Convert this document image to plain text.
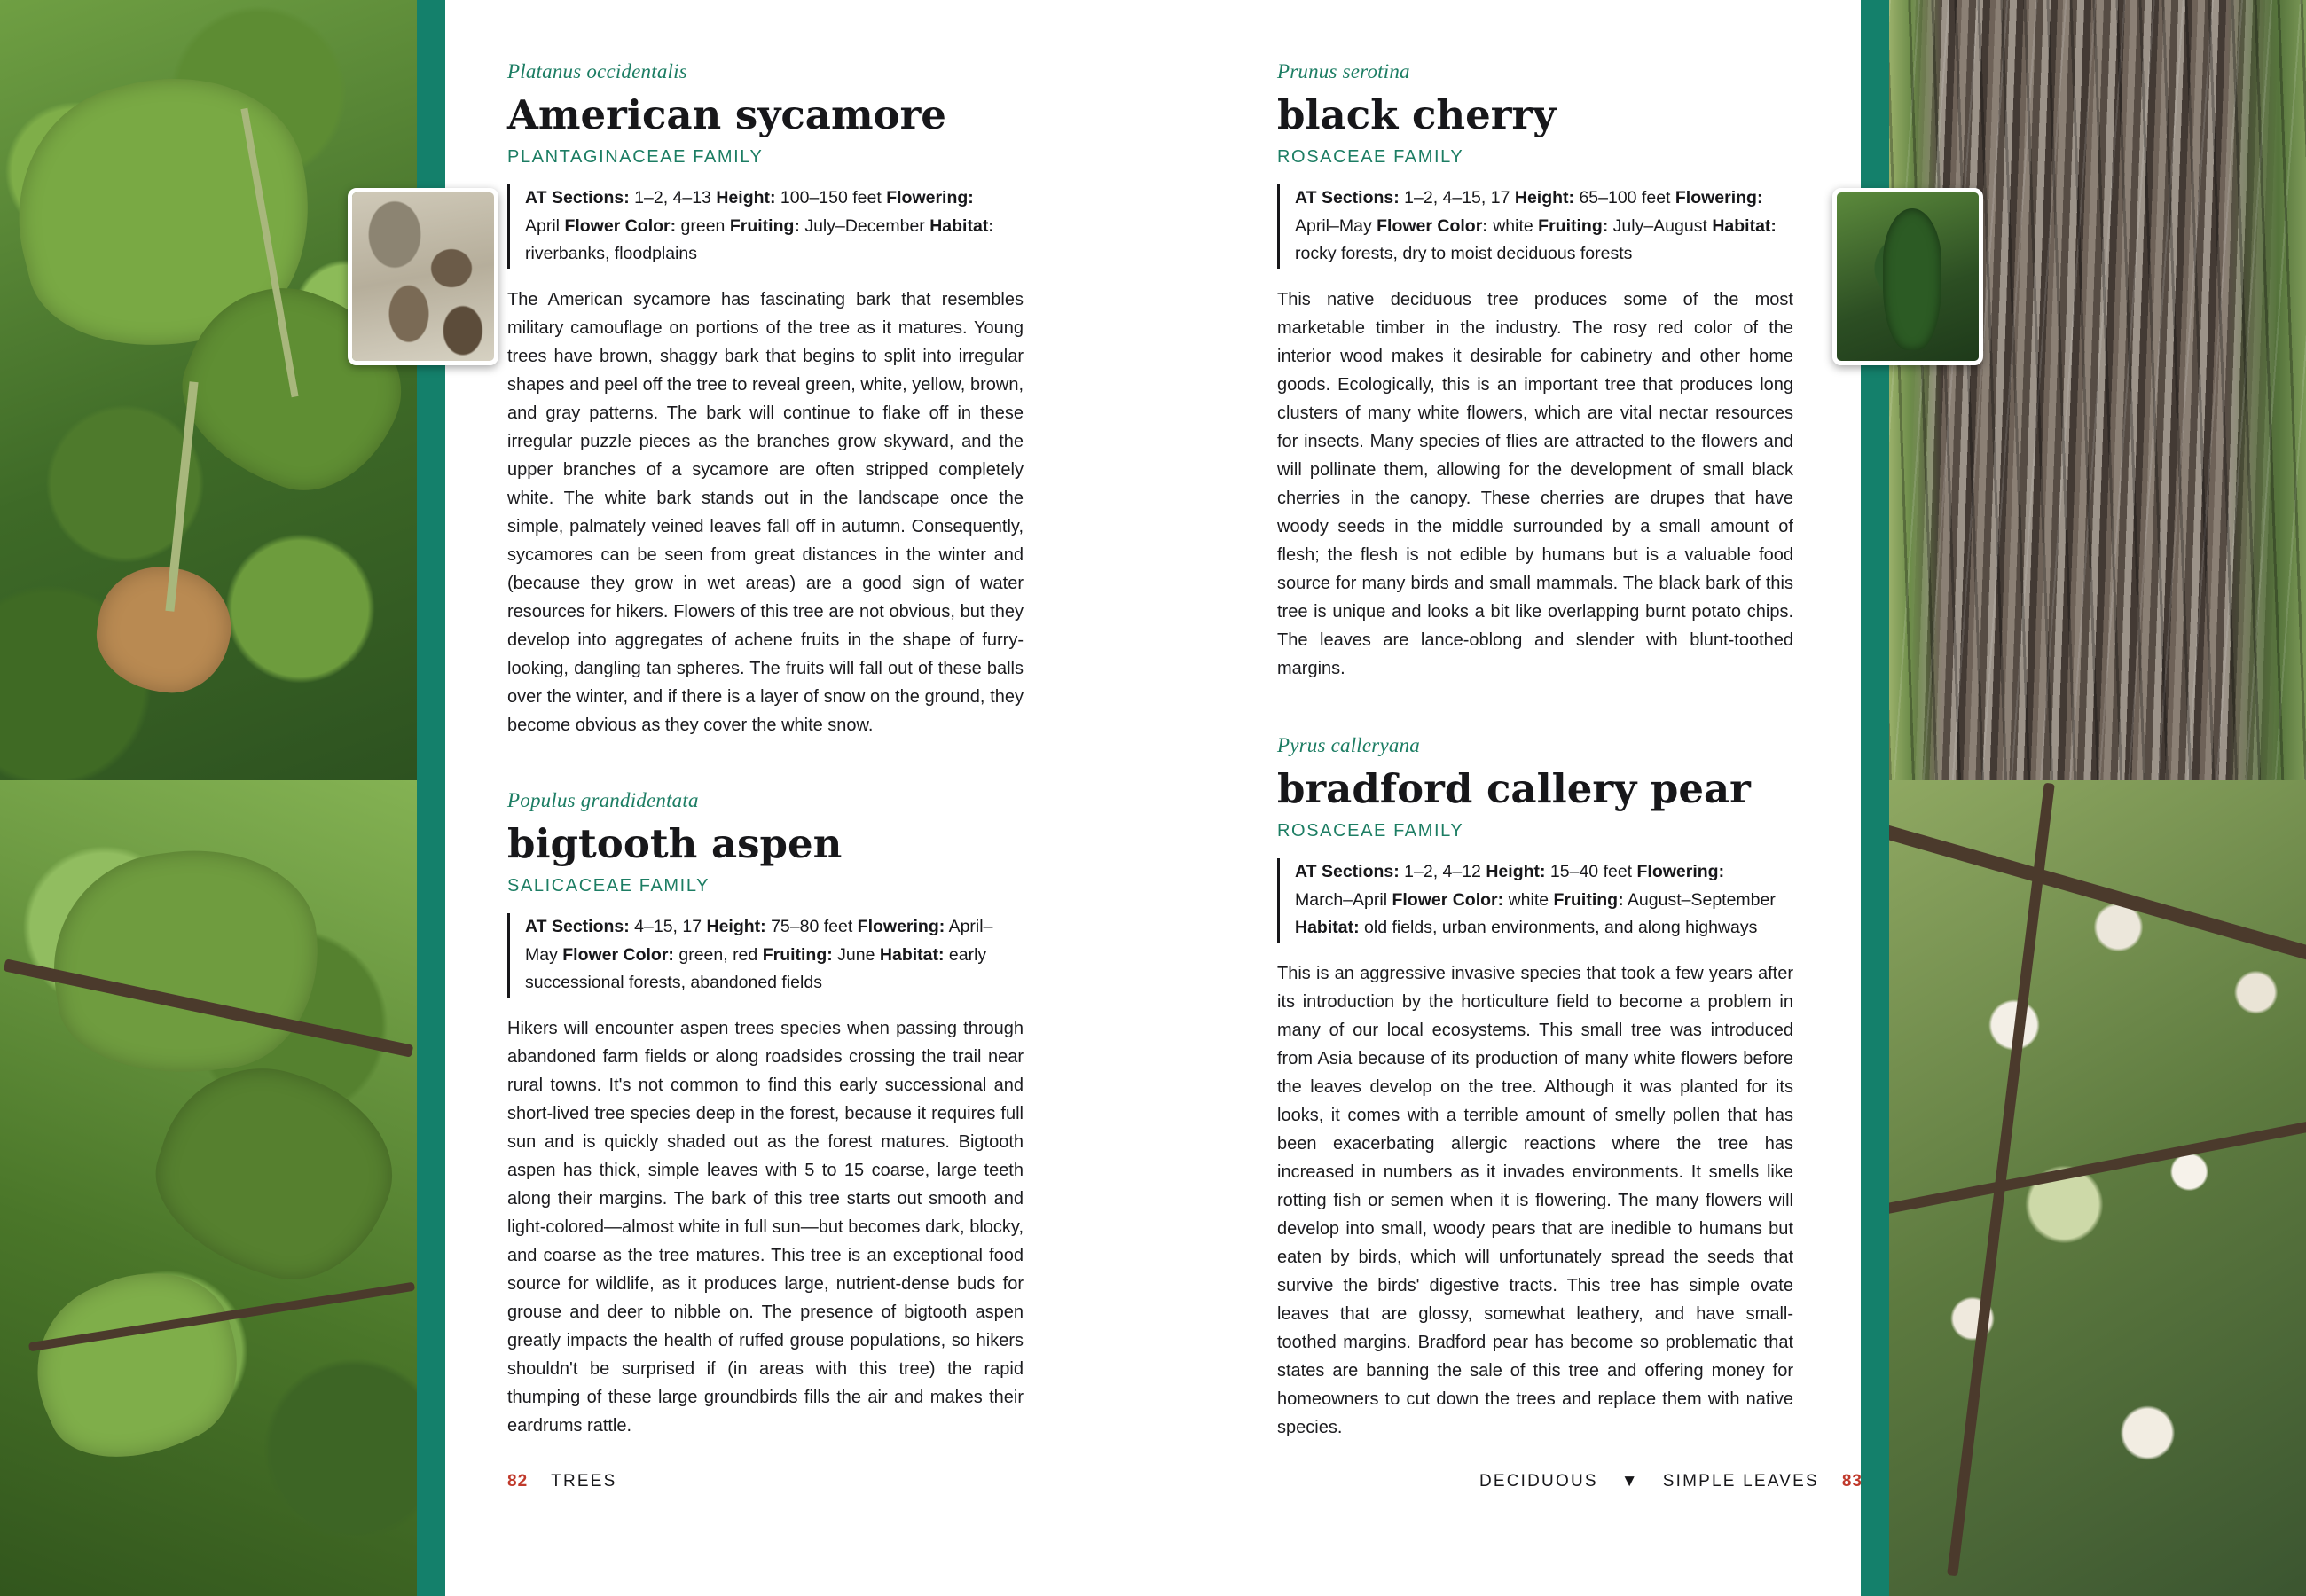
Platanus occidentalis
American sycamore
PLANTAGINACEAE FAMILY
AT Sections: 1–2, 4–13 Height: 100–150 feet Flowering: April Flower Color: green Fruiting: July–December Habitat: riverbanks, floodplains

The American sycamore has fascinating bark that resembles military camouflage on portions of the tree as it matures. Young trees have brown, shaggy bark that begins to split into irregular shapes and peel off the tree to reveal green, white, yellow, brown, and gray patterns. The bark will continue to flake off in these irregular puzzle pieces as the branches grow skyward, and the upper branches of a sycamore are often stripped completely white. The white bark stands out in the landscape once the simple, palmately veined leaves fall off in autumn. Consequently, sycamores can be seen from great distances in the winter and (because they grow in wet areas) are a good sign of water resources for hikers. Flowers of this tree are not obvious, but they develop into aggregates of achene fruits in the shape of furry-looking, dangling tan spheres. The fruits will fall out of these balls over the winter, and if there is a layer of snow on the ground, they become obvious as they cover the white snow.

Populus grandidentata
bigtooth aspen
SALICACEAE FAMILY
AT Sections: 4–15, 17 Height: 75–80 feet Flowering: April–May Flower Color: green, red Fruiting: June Habitat: early successional forests, abandoned fields

Hikers will encounter aspen trees species when passing through abandoned farm fields or along roadsides crossing the trail near rural towns. It's not common to find this early successional and short-lived tree species deep in the forest, because it requires full sun and is quickly shaded out as the forest matures. Bigtooth aspen has thick, simple leaves with 5 to 15 coarse, large teeth along their margins. The bark of this tree starts out smooth and light-colored—almost white in full sun—but becomes dark, blocky, and coarse as the tree matures. This tree is an exceptional food source for wildlife, as it produces large, nutrient-dense buds for grouse and deer to nibble on. The presence of bigtooth aspen greatly impacts the health of ruffed grouse populations, so hikers shouldn't be surprised if (in areas with this tree) the rapid thumping of these large groundbirds fills the air and makes their eardrums rattle.

Prunus serotina
black cherry
ROSACEAE FAMILY
AT Sections: 1–2, 4–15, 17 Height: 65–100 feet Flowering: April–May Flower Color: white Fruiting: July–August Habitat: rocky forests, dry to moist deciduous forests

This native deciduous tree produces some of the most marketable timber in the industry. The rosy red color of the interior wood makes it desirable for cabinetry and other home goods. Ecologically, this is an important tree that produces long clusters of many white flowers, which are vital nectar resources for insects. Many species of flies are attracted to the flowers and will pollinate them, allowing for the development of small black cherries in the canopy. These cherries are drupes that have woody seeds in the middle surrounded by a small amount of flesh; the flesh is not edible by humans but is a valuable food source for many birds and small mammals. The black bark of this tree is unique and looks a bit like overlapping burnt potato chips. The leaves are lance-oblong and slender with blunt-toothed margins.

Pyrus calleryana
bradford callery pear
ROSACEAE FAMILY
AT Sections: 1–2, 4–12 Height: 15–40 feet Flowering: March–April Flower Color: white Fruiting: August–September Habitat: old fields, urban environments, and along highways

This is an aggressive invasive species that took a few years after its introduction by the horticulture field to become a problem in many of our local ecosystems. This small tree was introduced from Asia because of its production of many white flowers before the leaves develop on the tree. Although it was planted for its looks, it comes with a terrible amount of smelly pollen that has been exacerbating allergic reactions where the tree has increased in numbers as it invades environments. It smells like rotting fish or semen when it is flowering. The many flowers will develop into small, woody pears that are inedible to humans but eaten by birds, which will unfortunately spread the seeds that survive the birds' digestive tracts. This tree has simple ovate leaves that are glossy, somewhat leathery, and have small-toothed margins. Bradford pear has become so problematic that states are banning the sale of this tree and offering money for homeowners to cut down the trees and replace them with native species.

82 TREES	DECIDUOUS ▼ SIMPLE LEAVES 83
